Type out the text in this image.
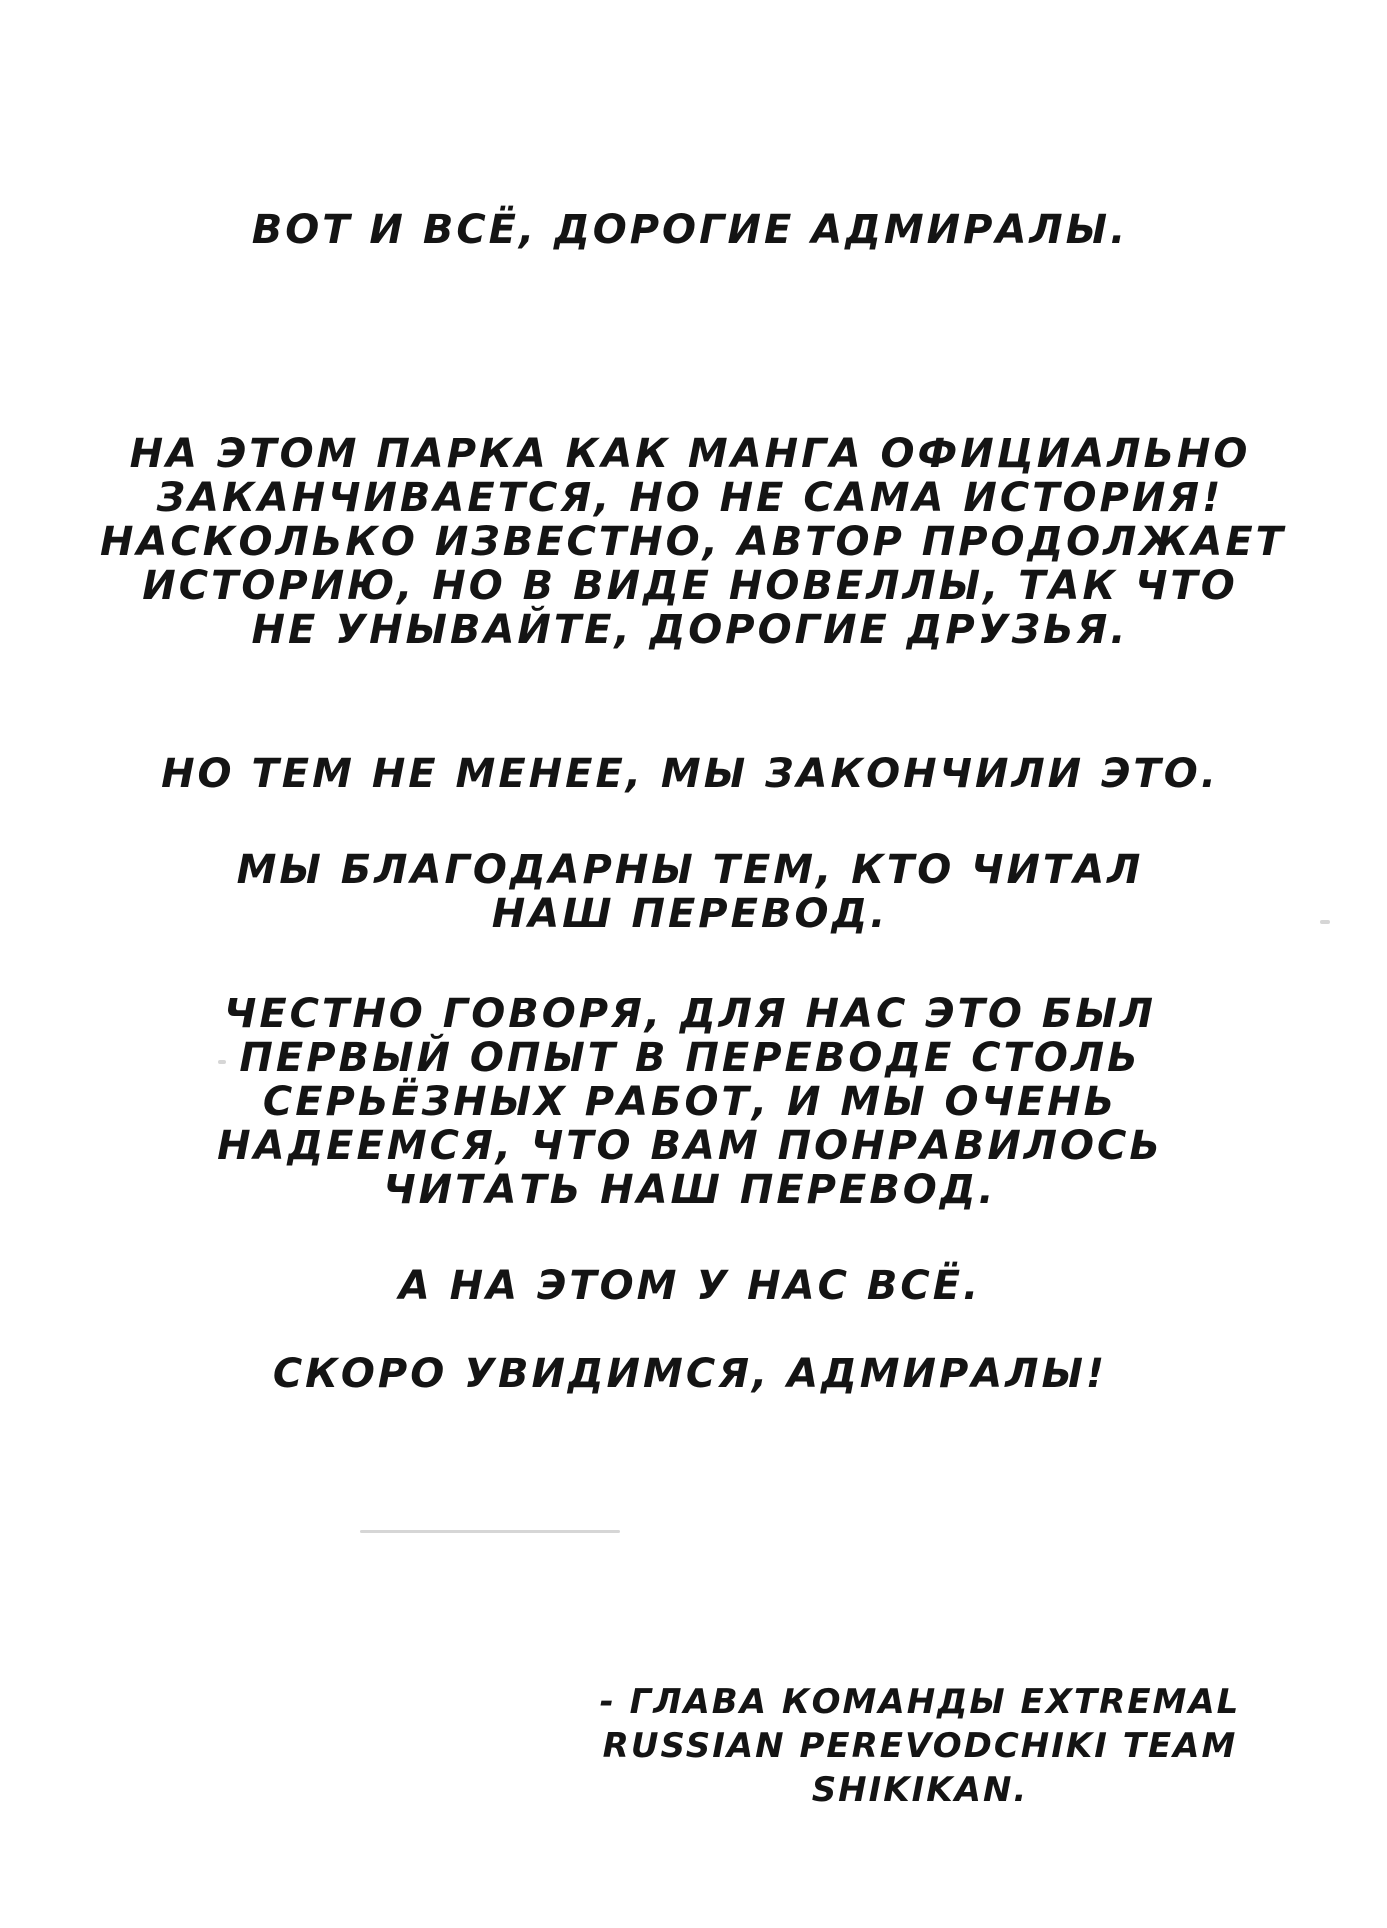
ВОТ И ВСЁ, ДОРОГИЕ АДМИРАЛЫ.
НА ЭТОМ ПАРКА КАК МАНГА ОФИЦИАЛЬНО
ЗАКАНЧИВАЕТСЯ, НО НЕ САМА ИСТОРИЯ!
НАСКОЛЬКО ИЗВЕСТНО, АВТОР ПРОДОЛЖАЕТ
ИСТОРИЮ, НО В ВИДЕ НОВЕЛЛЫ, ТАК ЧТО
НЕ УНЫВАЙТЕ, ДОРОГИЕ ДРУЗЬЯ.
НО ТЕМ НЕ МЕНЕЕ, МЫ ЗАКОНЧИЛИ ЭТО.
МЫ БЛАГОДАРНЫ ТЕМ, КТО ЧИТАЛ
НАШ ПЕРЕВОД.
ЧЕСТНО ГОВОРЯ, ДЛЯ НАС ЭТО БЫЛ
ПЕРВЫЙ ОПЫТ В ПЕРЕВОДЕ СТОЛЬ
СЕРЬЁЗНЫХ РАБОТ, И МЫ ОЧЕНЬ
НАДЕЕМСЯ, ЧТО ВАМ ПОНРАВИЛОСЬ
ЧИТАТЬ НАШ ПЕРЕВОД.
А НА ЭТОМ У НАС ВСЁ.
СКОРО УВИДИМСЯ, АДМИРАЛЫ!
- ГЛАВА КОМАНДЫ EXTREMAL
RUSSIAN PEREVODCHIKI TEAM
SHIKIKAN.
